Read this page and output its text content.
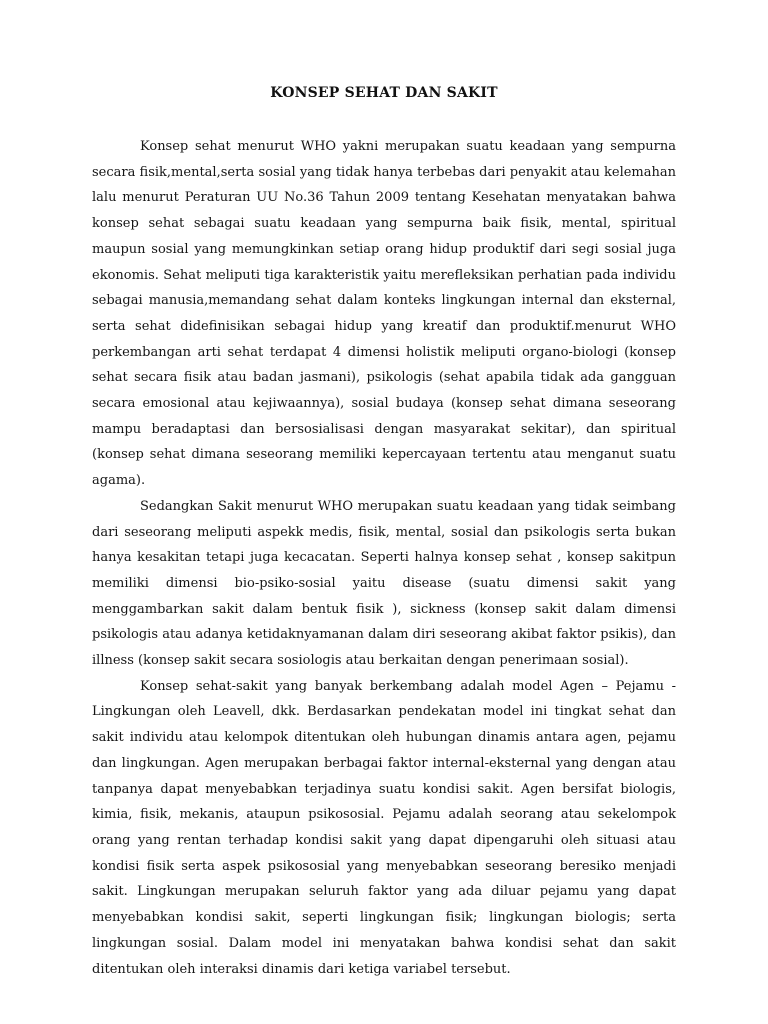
KONSEP SEHAT DAN SAKIT

Konsep sehat menurut WHO yakni merupakan suatu keadaan yang sempurna secara fisik,mental,serta sosial yang tidak hanya terbebas dari penyakit atau kelemahan lalu menurut Peraturan UU No.36 Tahun 2009 tentang Kesehatan menyatakan bahwa konsep sehat sebagai suatu keadaan yang sempurna baik fisik, mental, spiritual maupun sosial yang memungkinkan setiap orang hidup produktif dari segi sosial juga ekonomis. Sehat meliputi tiga karakteristik yaitu merefleksikan perhatian pada individu sebagai manusia,memandang sehat dalam konteks lingkungan internal dan eksternal, serta sehat didefinisikan sebagai hidup yang kreatif dan produktif.menurut WHO perkembangan arti sehat terdapat 4 dimensi holistik meliputi organo-biologi (konsep sehat secara fisik atau badan jasmani), psikologis (sehat apabila tidak ada gangguan secara emosional atau kejiwaannya), sosial budaya (konsep sehat dimana seseorang mampu beradaptasi dan bersosialisasi dengan masyarakat sekitar), dan spiritual (konsep sehat dimana seseorang memiliki kepercayaan tertentu atau menganut suatu agama).

Sedangkan Sakit menurut WHO merupakan suatu keadaan yang tidak seimbang dari seseorang meliputi aspekk medis, fisik, mental, sosial dan psikologis serta bukan hanya kesakitan tetapi juga kecacatan. Seperti halnya konsep sehat , konsep sakitpun memiliki dimensi bio-psiko-sosial yaitu disease (suatu dimensi sakit yang menggambarkan sakit dalam bentuk fisik ), sickness (konsep sakit dalam dimensi psikologis atau adanya ketidaknyamanan dalam diri seseorang akibat faktor psikis), dan illness (konsep sakit secara sosiologis atau berkaitan dengan penerimaan sosial).

Konsep sehat-sakit yang banyak berkembang adalah model Agen – Pejamu - Lingkungan oleh Leavell, dkk. Berdasarkan pendekatan model ini tingkat sehat dan sakit individu atau kelompok ditentukan oleh hubungan dinamis antara agen, pejamu dan lingkungan. Agen merupakan berbagai faktor internal-eksternal yang dengan atau tanpanya dapat menyebabkan terjadinya suatu kondisi sakit. Agen bersifat biologis, kimia, fisik, mekanis, ataupun psikososial. Pejamu adalah seorang atau sekelompok orang yang rentan terhadap kondisi sakit yang dapat dipengaruhi oleh situasi atau kondisi fisik serta aspek psikososial yang menyebabkan seseorang beresiko menjadi sakit. Lingkungan merupakan seluruh faktor yang ada diluar pejamu yang dapat menyebabkan kondisi sakit, seperti lingkungan fisik; lingkungan biologis; serta lingkungan sosial. Dalam model ini menyatakan bahwa kondisi sehat dan sakit ditentukan oleh interaksi dinamis dari ketiga variabel tersebut.
